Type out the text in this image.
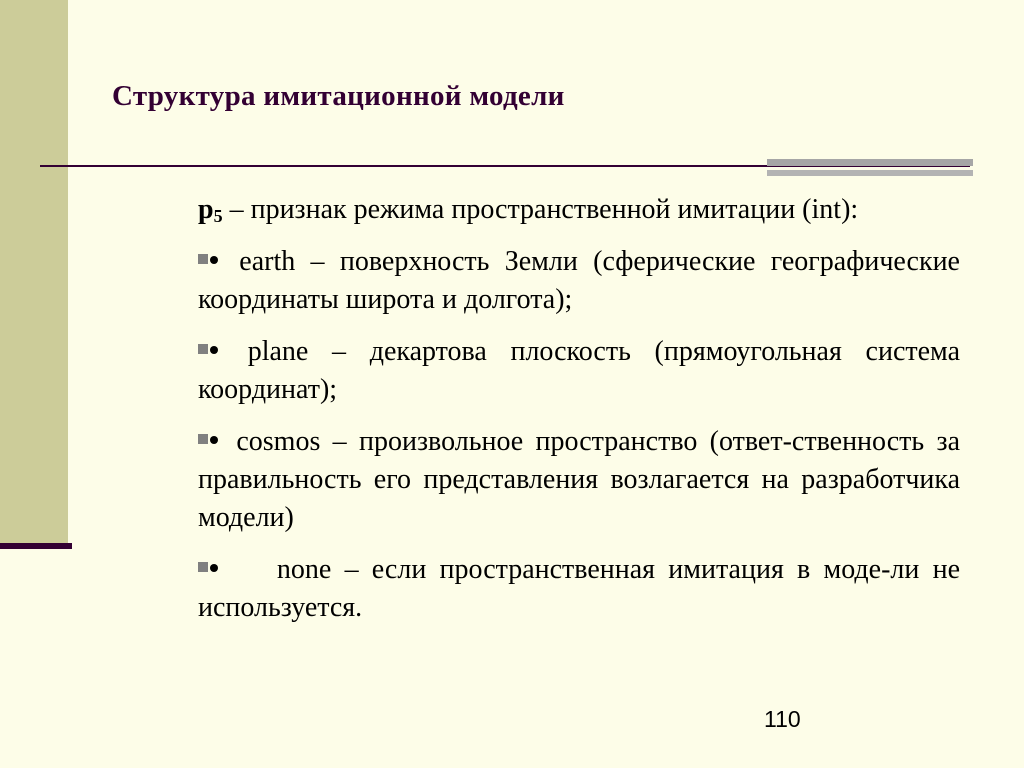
Структура имитационной модели

p5 – признак режима пространственной имитации (int):

earth – поверхность Земли (сферические географические координаты широта и долгота);

plane – декартова плоскость (прямоугольная система координат);

cosmos – произвольное пространство (ответ-ственность за правильность его представления возлагается на разработчика модели)

none – если пространственная имитация в моде-ли не используется.

110
